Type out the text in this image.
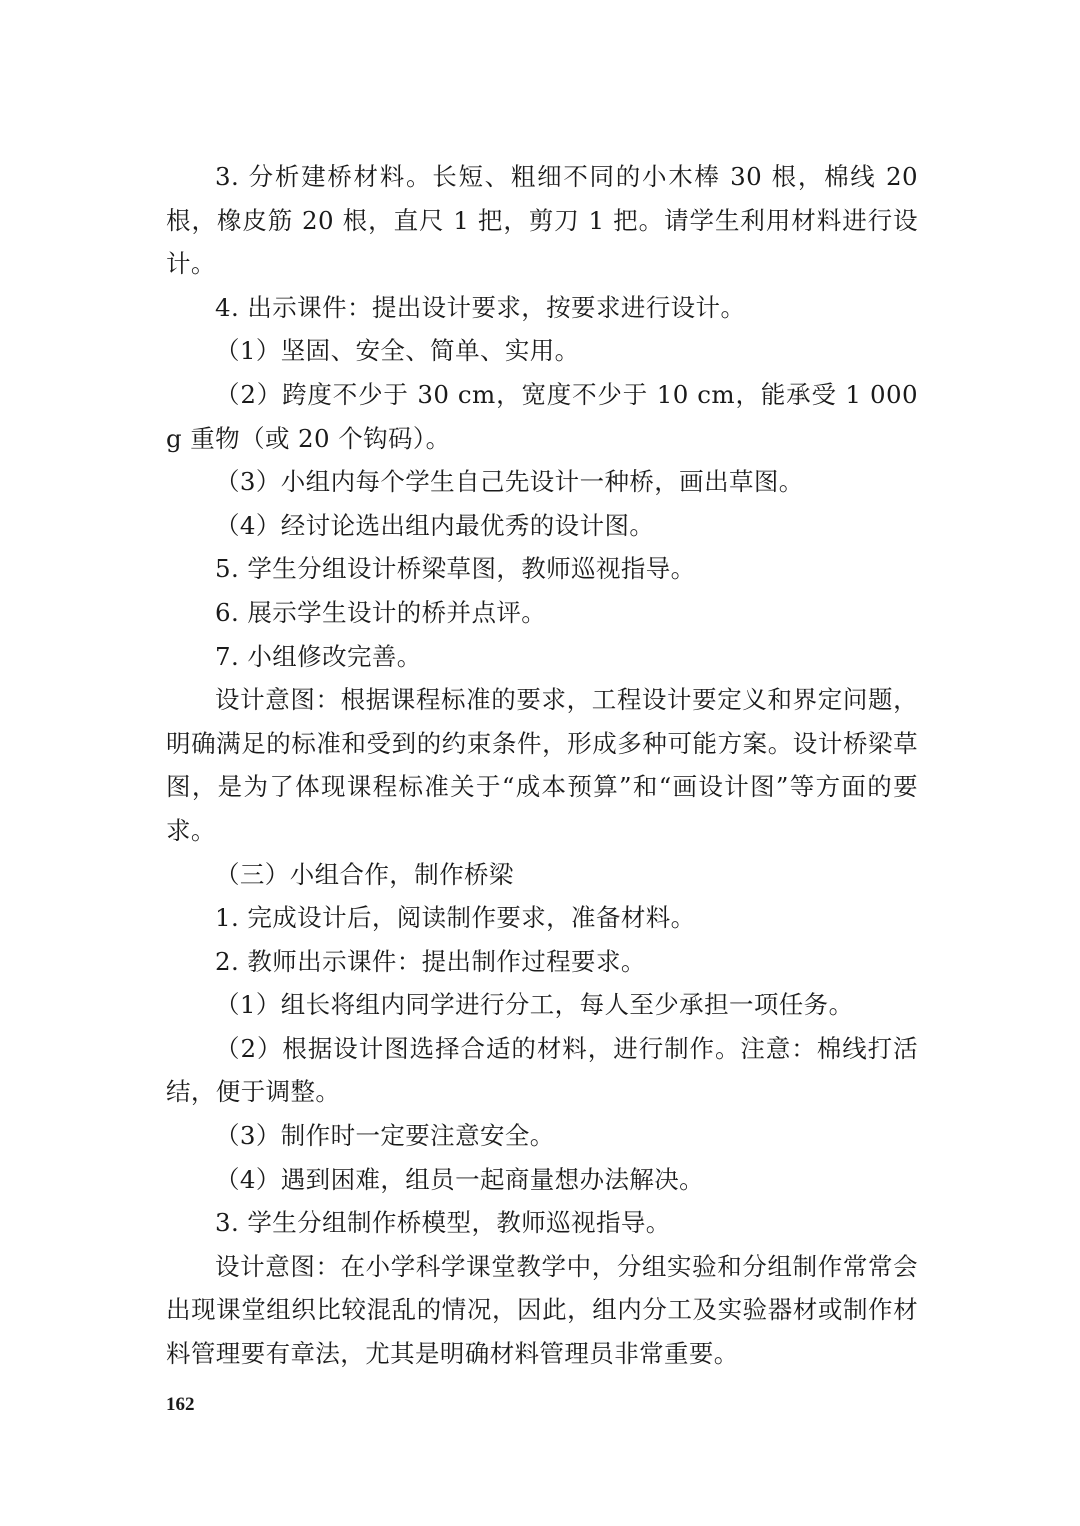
3. 分析建桥材料。长短、粗细不同的小木棒 30 根，棉线 20 根，橡皮筋 20 根，直尺 1 把，剪刀 1 把。请学生利用材料进行设计。

4. 出示课件：提出设计要求，按要求进行设计。

（1）坚固、安全、简单、实用。

（2）跨度不少于 30 cm，宽度不少于 10 cm，能承受 1 000 g 重物（或 20 个钩码）。

（3）小组内每个学生自己先设计一种桥，画出草图。

（4）经讨论选出组内最优秀的设计图。

5. 学生分组设计桥梁草图，教师巡视指导。

6. 展示学生设计的桥并点评。

7. 小组修改完善。

设计意图：根据课程标准的要求，工程设计要定义和界定问题，明确满足的标准和受到的约束条件，形成多种可能方案。设计桥梁草图，是为了体现课程标准关于“成本预算”和“画设计图”等方面的要求。

（三）小组合作，制作桥梁

1. 完成设计后，阅读制作要求，准备材料。

2. 教师出示课件：提出制作过程要求。

（1）组长将组内同学进行分工，每人至少承担一项任务。

（2）根据设计图选择合适的材料，进行制作。注意：棉线打活结，便于调整。

（3）制作时一定要注意安全。

（4）遇到困难，组员一起商量想办法解决。

3. 学生分组制作桥模型，教师巡视指导。

设计意图：在小学科学课堂教学中，分组实验和分组制作常常会出现课堂组织比较混乱的情况，因此，组内分工及实验器材或制作材料管理要有章法，尤其是明确材料管理员非常重要。

162
